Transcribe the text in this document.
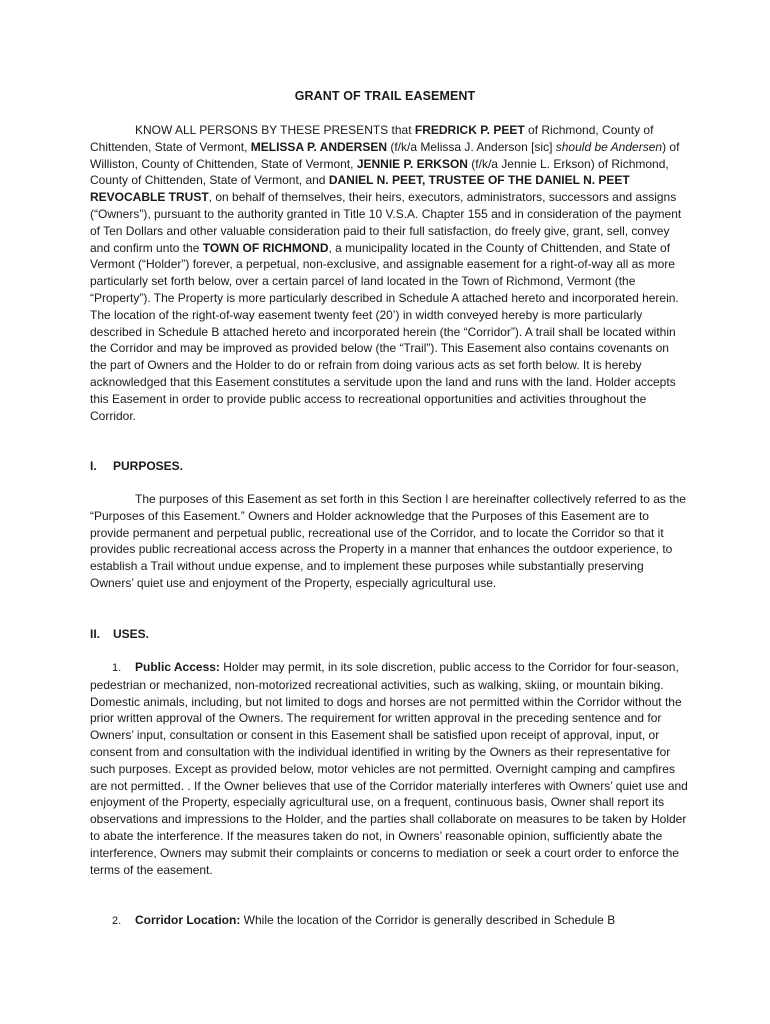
GRANT OF TRAIL EASEMENT
KNOW ALL PERSONS BY THESE PRESENTS that FREDRICK P. PEET of Richmond, County of Chittenden, State of Vermont, MELISSA P. ANDERSEN (f/k/a Melissa J. Anderson [sic] should be Andersen) of Williston, County of Chittenden, State of Vermont, JENNIE P. ERKSON (f/k/a Jennie L. Erkson) of Richmond, County of Chittenden, State of Vermont, and DANIEL N. PEET, TRUSTEE OF THE DANIEL N. PEET REVOCABLE TRUST, on behalf of themselves, their heirs, executors, administrators, successors and assigns (“Owners”), pursuant to the authority granted in Title 10 V.S.A. Chapter 155 and in consideration of the payment of Ten Dollars and other valuable consideration paid to their full satisfaction, do freely give, grant, sell, convey and confirm unto the TOWN OF RICHMOND, a municipality located in the County of Chittenden, and State of Vermont (“Holder”) forever, a perpetual, non-exclusive, and assignable easement for a right-of-way all as more particularly set forth below, over a certain parcel of land located in the Town of Richmond, Vermont (the “Property”). The Property is more particularly described in Schedule A attached hereto and incorporated herein. The location of the right-of-way easement twenty feet (20’) in width conveyed hereby is more particularly described in Schedule B attached hereto and incorporated herein (the “Corridor”). A trail shall be located within the Corridor and may be improved as provided below (the “Trail”). This Easement also contains covenants on the part of Owners and the Holder to do or refrain from doing various acts as set forth below. It is hereby acknowledged that this Easement constitutes a servitude upon the land and runs with the land. Holder accepts this Easement in order to provide public access to recreational opportunities and activities throughout the Corridor.
I. PURPOSES.
The purposes of this Easement as set forth in this Section I are hereinafter collectively referred to as the “Purposes of this Easement.” Owners and Holder acknowledge that the Purposes of this Easement are to provide permanent and perpetual public, recreational use of the Corridor, and to locate the Corridor so that it provides public recreational access across the Property in a manner that enhances the outdoor experience, to establish a Trail without undue expense, and to implement these purposes while substantially preserving Owners’ quiet use and enjoyment of the Property, especially agricultural use.
II. USES.
1. Public Access: Holder may permit, in its sole discretion, public access to the Corridor for four-season, pedestrian or mechanized, non-motorized recreational activities, such as walking, skiing, or mountain biking. Domestic animals, including, but not limited to dogs and horses are not permitted within the Corridor without the prior written approval of the Owners. The requirement for written approval in the preceding sentence and for Owners’ input, consultation or consent in this Easement shall be satisfied upon receipt of approval, input, or consent from and consultation with the individual identified in writing by the Owners as their representative for such purposes. Except as provided below, motor vehicles are not permitted. Overnight camping and campfires are not permitted. . If the Owner believes that use of the Corridor materially interferes with Owners’ quiet use and enjoyment of the Property, especially agricultural use, on a frequent, continuous basis, Owner shall report its observations and impressions to the Holder, and the parties shall collaborate on measures to be taken by Holder to abate the interference. If the measures taken do not, in Owners’ reasonable opinion, sufficiently abate the interference, Owners may submit their complaints or concerns to mediation or seek a court order to enforce the terms of the easement.
2. Corridor Location: While the location of the Corridor is generally described in Schedule B
